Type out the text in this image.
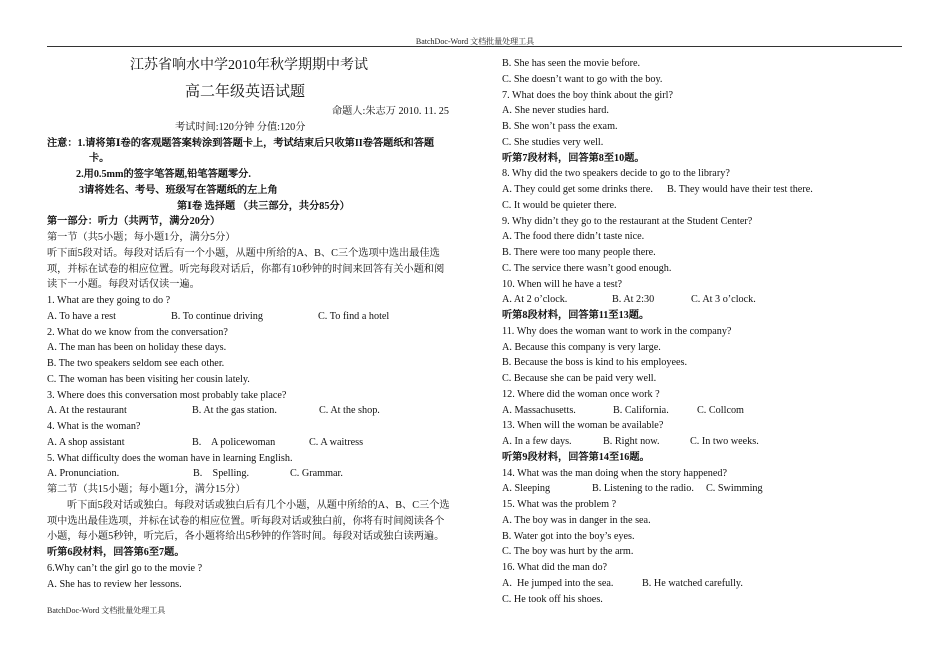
BatchDoc-Word 文档批量处理工具
江苏省响水中学2010年秋学期期中考试
高二年级英语试题
命题人:朱志万 2010. 11. 25
考试时间:120分钟 分值:120分
注意：1.请将第Ⅰ卷的客观题答案转涂到答题卡上，考试结束后只收第II卷答题纸和答题
卡。
2.用0.5mm的签字笔答题,铅笔答题零分.
3请将姓名、考号、班级写在答题纸的左上角
第Ⅰ卷 选择题 （共三部分，共分85分）
第一部分：听力（共两节，满分20分）
第一节（共5小题；每小题1分，满分5分）
听下面5段对话。每段对话后有一个小题，从题中所给的A、B、C三个选项中选出最佳选项，并标在试卷的相应位置。听完每段对话后，你都有10秒钟的时间来回答有关小题和阅读下一小题。每段对话仅读一遍。
1. What are they going to do ?
A. To have a rest	B. To continue driving	C. To find a hotel
2. What do we know from the conversation?
A. The man has been on holiday these days.
B. The two speakers seldom see each other.
C. The woman has been visiting her cousin lately.
3. Where does this conversation most probably take place?
A. At the restaurant	B. At the gas station.	C. At the shop.
4. What is the woman?
A. A shop assistant	B.    A policewoman	C. A waitress
5. What difficulty does the woman have in learning English.
A. Pronunciation.	B.    Spelling.	C. Grammar.
第二节（共15小题；每小题1分，满分15分）
听下面5段对话或独白。每段对话或独白后有几个小题，从题中所给的A、B、C三个选项中选出最佳选项，并标在试卷的相应位置。听每段对话或独白前，你将有时间阅读各个小题，每小题5秒钟，听完后，各小题将给出5秒钟的作答时间。每段对话或独白读两遍。
听第6段材料，回答第6至7题。
6.Why can’t the girl go to the movie ?
A. She has to review her lessons.
B. She has seen the movie before.
C. She doesn’t want to go with the boy.
7. What does the boy think about the girl?
A. She never studies hard.
B. She won’t pass the exam.
C. She studies very well.
听第7段材料，回答第8至10题。
8. Why did the two speakers decide to go to the library?
A. They could get some drinks there.	B. They would have their test there.
C. It would be quieter there.
9. Why didn’t they go to the restaurant at the Student Center?
A. The food there didn’t taste nice.
B. There were too many people there.
C. The service there wasn’t good enough.
10. When will he have a test?
A. At 2 o’clock.	B. At 2:30	C. At 3 o’clock.
听第8段材料，回答第11至13题。
11. Why does the woman want to work in the company?
A. Because this company is very large.
B. Because the boss is kind to his employees.
C. Because she can be paid very well.
12. Where did the woman once work ?
A. Massachusetts.	B. California.	C. Collcom
13. When will the woman be available?
A. In a few days.	B. Right now.	C. In two weeks.
听第9段材料，回答第14至16题。
14. What was the man doing when the story happened?
A. Sleeping	B. Listening to the radio.	C. Swimming
15. What was the problem ?
A. The boy was in danger in the sea.
B. Water got into the boy’s eyes.
C. The boy was hurt by the arm.
16. What did the man do?
A.  He jumped into the sea.	B. He watched carefully.
C. He took off his shoes.
BatchDoc-Word 文档批量处理工具
